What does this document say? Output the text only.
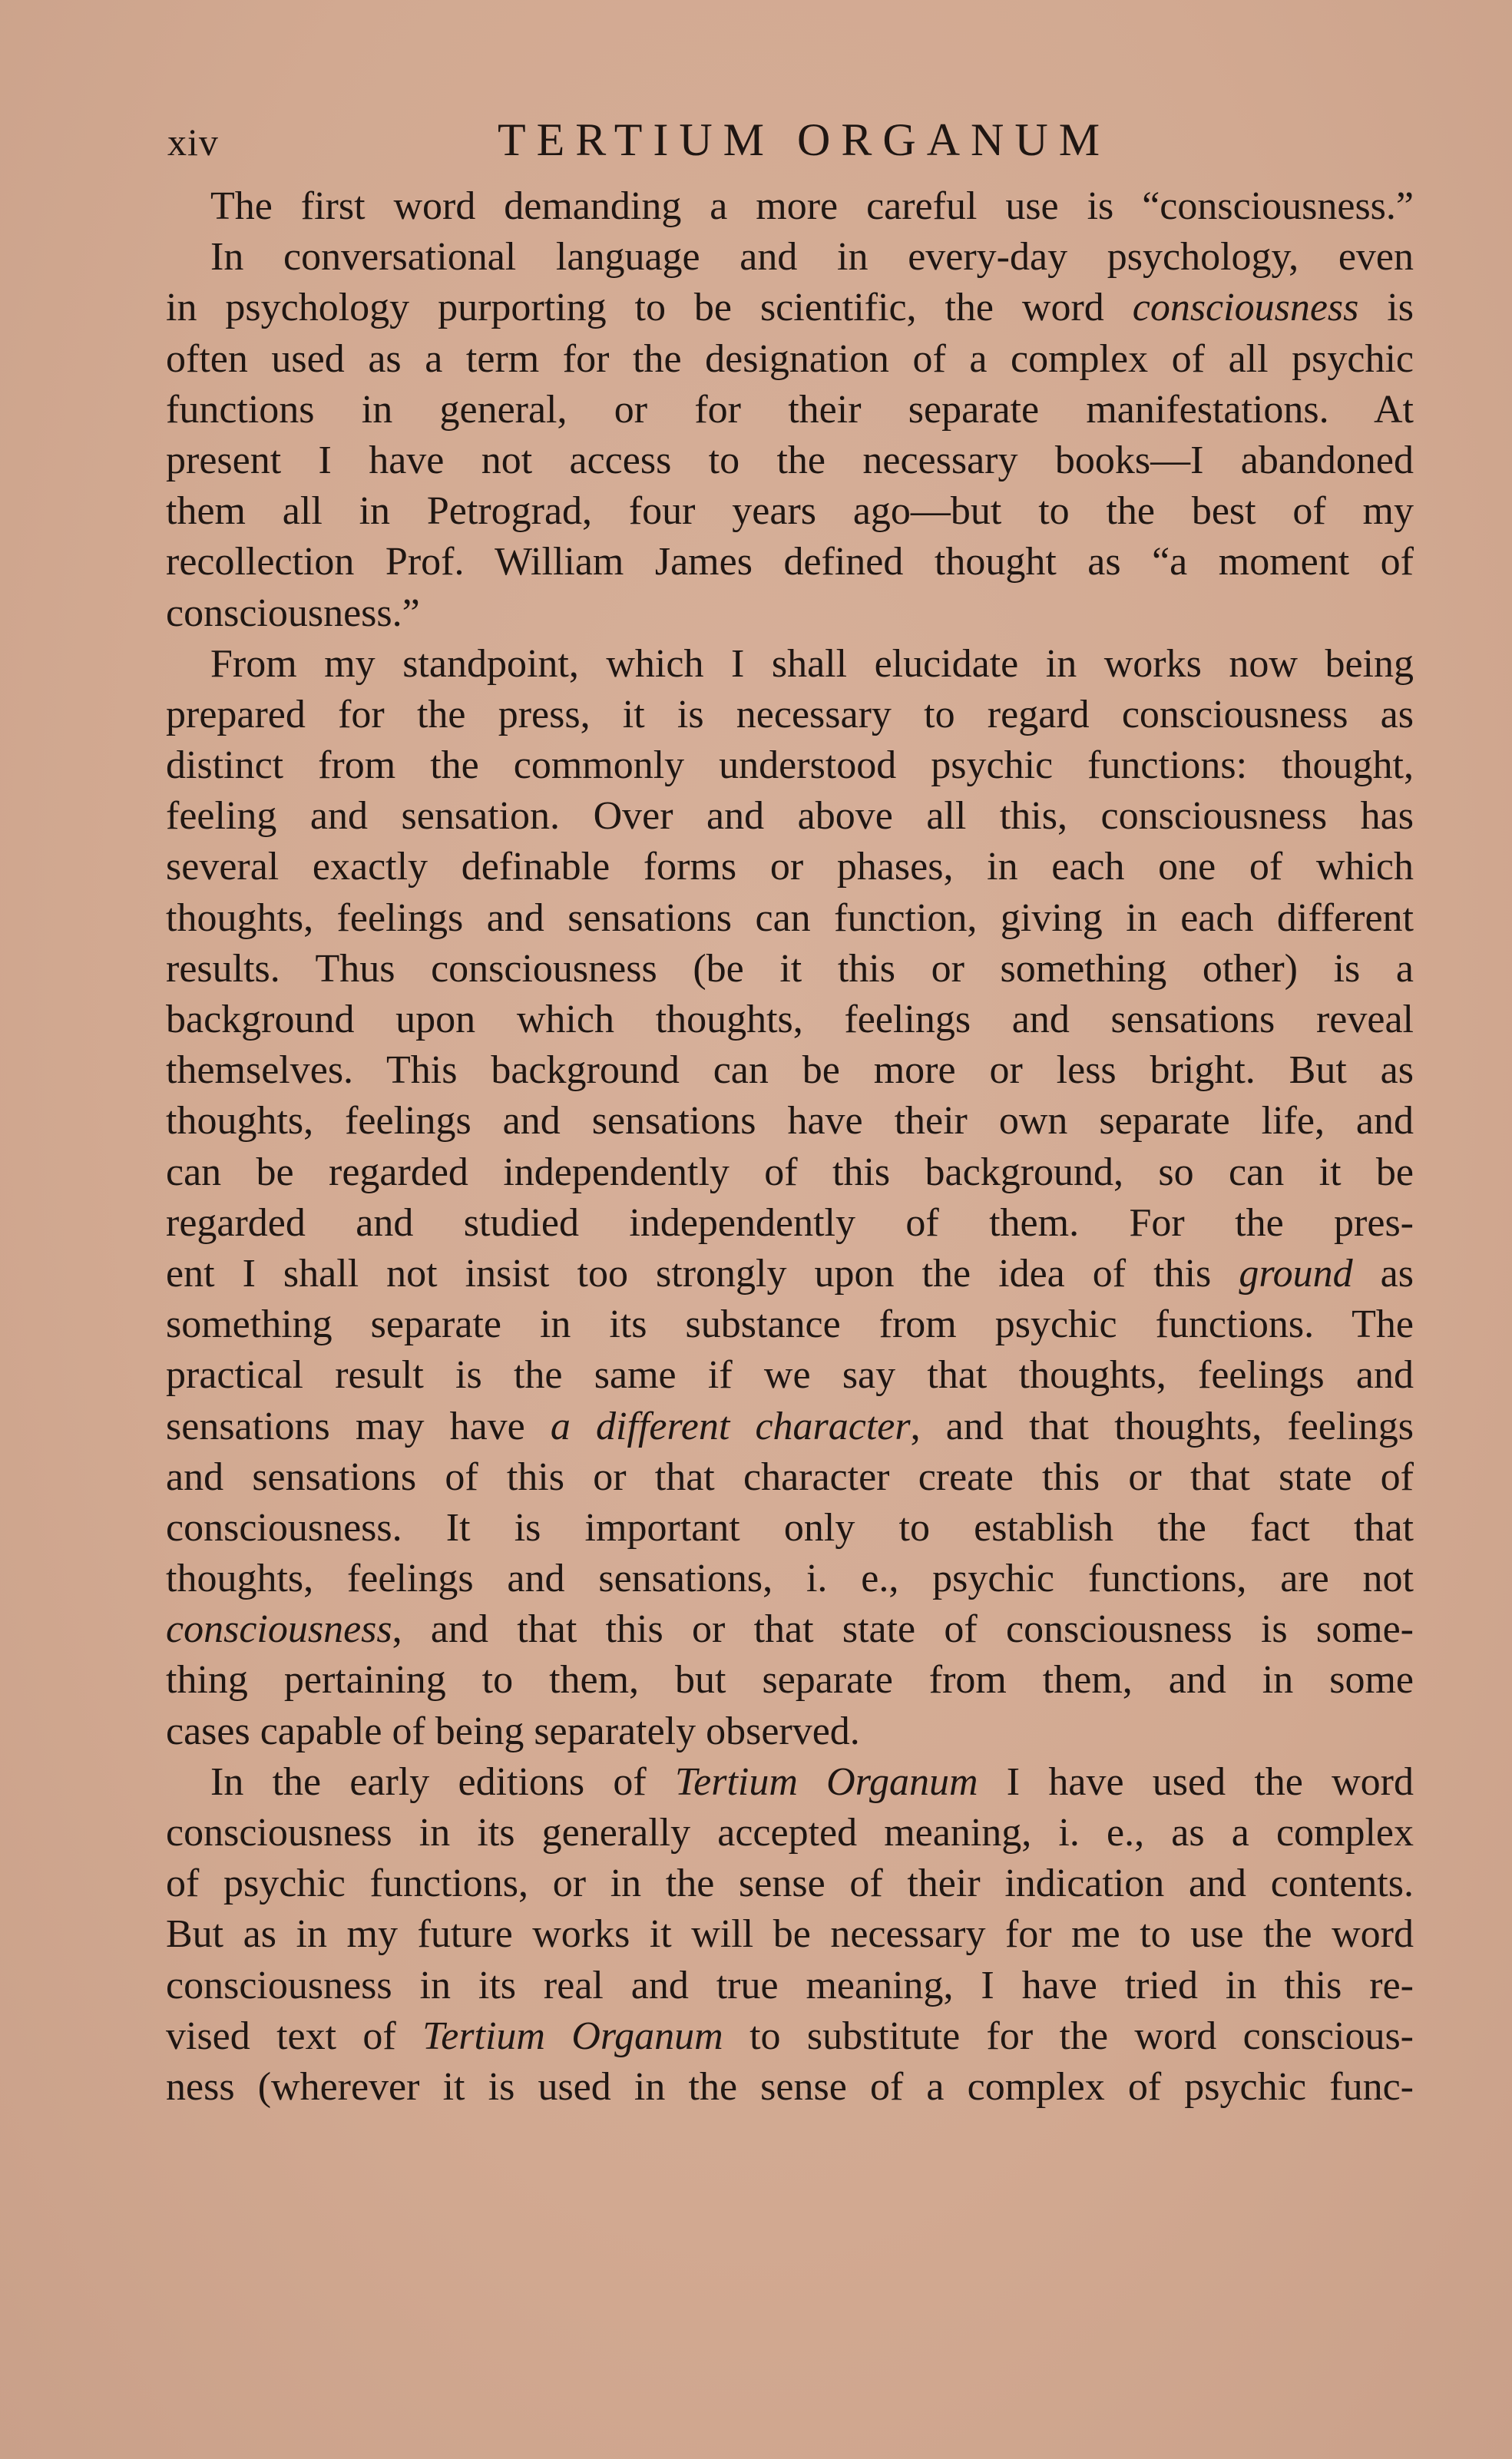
xiv	TERTIUM ORGANUM
The first word demanding a more careful use is “consciousness.”
In conversational language and in every-day psychology, even
in psychology purporting to be scientific, the word consciousness is
often used as a term for the designation of a complex of all psychic
functions in general, or for their separate manifestations. At
present I have not access to the necessary books—I abandoned
them all in Petrograd, four years ago—but to the best of my
recollection Prof. William James defined thought as “a moment of
consciousness.”
From my standpoint, which I shall elucidate in works now being
prepared for the press, it is necessary to regard consciousness as
distinct from the commonly understood psychic functions: thought,
feeling and sensation. Over and above all this, consciousness has
several exactly definable forms or phases, in each one of which
thoughts, feelings and sensations can function, giving in each different
results. Thus consciousness (be it this or something other) is a
background upon which thoughts, feelings and sensations reveal
themselves. This background can be more or less bright. But as
thoughts, feelings and sensations have their own separate life, and
can be regarded independently of this background, so can it be
regarded and studied independently of them. For the pres-
ent I shall not insist too strongly upon the idea of this ground as
something separate in its substance from psychic functions. The
practical result is the same if we say that thoughts, feelings and
sensations may have a different character, and that thoughts, feelings
and sensations of this or that character create this or that state of
consciousness. It is important only to establish the fact that
thoughts, feelings and sensations, i. e., psychic functions, are not
consciousness, and that this or that state of consciousness is some-
thing pertaining to them, but separate from them, and in some
cases capable of being separately observed.
In the early editions of Tertium Organum I have used the word
consciousness in its generally accepted meaning, i. e., as a complex
of psychic functions, or in the sense of their indication and contents.
But as in my future works it will be necessary for me to use the word
consciousness in its real and true meaning, I have tried in this re-
vised text of Tertium Organum to substitute for the word conscious-
ness (wherever it is used in the sense of a complex of psychic func-
